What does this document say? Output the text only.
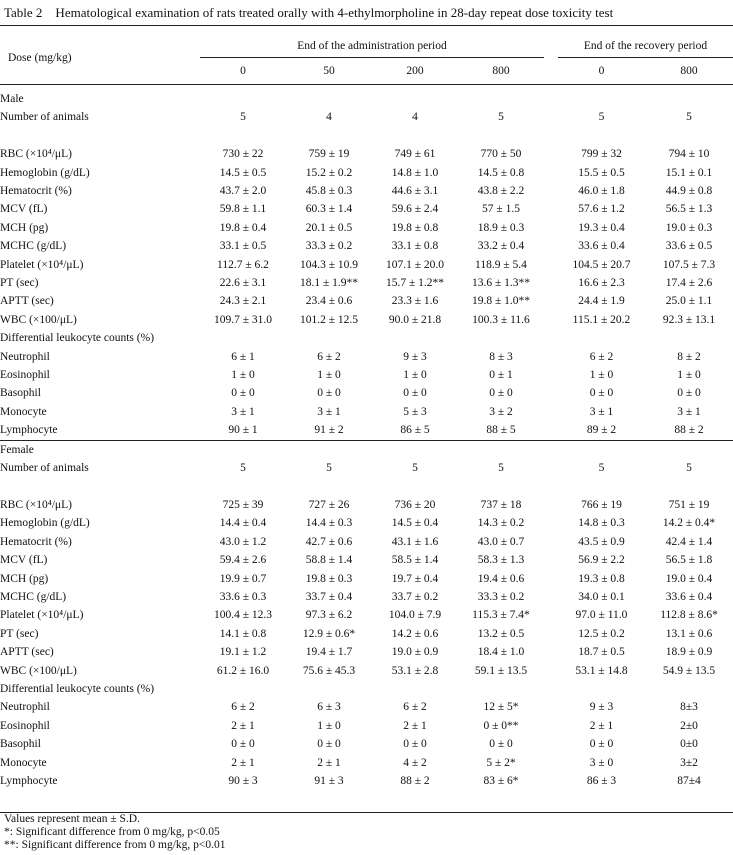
Table 2　Hematological examination of rats treated orally with 4-ethylmorpholine in 28-day repeat dose toxicity test
Dose (mg/kg)
End of the administration period	End of the recovery period
0	50	200	800	0	800
Male							
Number of animals	5	4	4	5		5	5

RBC (×10⁴/μL)	730 ± 22	759 ± 19	749 ± 61	770 ± 50		799 ± 32	794 ± 10
Hemoglobin (g/dL)	14.5 ± 0.5	15.2 ± 0.2	14.8 ± 1.0	14.5 ± 0.8		15.5 ± 0.5	15.1 ± 0.1
Hematocrit (%)	43.7 ± 2.0	45.8 ± 0.3	44.6 ± 3.1	43.8 ± 2.2		46.0 ± 1.8	44.9 ± 0.8
MCV (fL)	59.8 ± 1.1	60.3 ± 1.4	59.6 ± 2.4	57 ± 1.5		57.6 ± 1.2	56.5 ± 1.3
MCH (pg)	19.8 ± 0.4	20.1 ± 0.5	19.8 ± 0.8	18.9 ± 0.3		19.3 ± 0.4	19.0 ± 0.3
MCHC (g/dL)	33.1 ± 0.5	33.3 ± 0.2	33.1 ± 0.8	33.2 ± 0.4		33.6 ± 0.4	33.6 ± 0.5
Platelet (×10⁴/μL)	112.7 ± 6.2	104.3 ± 10.9	107.1 ± 20.0	118.9 ± 5.4		104.5 ± 20.7	107.5 ± 7.3
PT (sec)	22.6 ± 3.1	18.1 ± 1.9**	15.7 ± 1.2**	13.6 ± 1.3**		16.6 ± 2.3	17.4 ± 2.6
APTT (sec)	24.3 ± 2.1	23.4 ± 0.6	23.3 ± 1.6	19.8 ± 1.0**		24.4 ± 1.9	25.0 ± 1.1
WBC (×100/μL)	109.7 ± 31.0	101.2 ± 12.5	90.0 ± 21.8	100.3 ± 11.6		115.1 ± 20.2	92.3 ± 13.1
Differential leukocyte counts (%)							
Neutrophil	6 ± 1	6 ± 2	9 ± 3	8 ± 3		6 ± 2	8 ± 2
Eosinophil	1 ± 0	1 ± 0	1 ± 0	0 ± 1		1 ± 0	1 ± 0
Basophil	0 ± 0	0 ± 0	0 ± 0	0 ± 0		0 ± 0	0 ± 0
Monocyte	3 ± 1	3 ± 1	5 ± 3	3 ± 2		3 ± 1	3 ± 1
Lymphocyte	90 ± 1	91 ± 2	86 ± 5	88 ± 5		89 ± 2	88 ± 2
Female							
Number of animals	5	5	5	5		5	5

RBC (×10⁴/μL)	725 ± 39	727 ± 26	736 ± 20	737 ± 18		766 ± 19	751 ± 19
Hemoglobin (g/dL)	14.4 ± 0.4	14.4 ± 0.3	14.5 ± 0.4	14.3 ± 0.2		14.8 ± 0.3	14.2 ± 0.4*
Hematocrit (%)	43.0 ± 1.2	42.7 ± 0.6	43.1 ± 1.6	43.0 ± 0.7		43.5 ± 0.9	42.4 ± 1.4
MCV (fL)	59.4 ± 2.6	58.8 ± 1.4	58.5 ± 1.4	58.3 ± 1.3		56.9 ± 2.2	56.5 ± 1.8
MCH (pg)	19.9 ± 0.7	19.8 ± 0.3	19.7 ± 0.4	19.4 ± 0.6		19.3 ± 0.8	19.0 ± 0.4
MCHC (g/dL)	33.6 ± 0.3	33.7 ± 0.4	33.7 ± 0.2	33.3 ± 0.2		34.0 ± 0.1	33.6 ± 0.4
Platelet (×10⁴/μL)	100.4 ± 12.3	97.3 ± 6.2	104.0 ± 7.9	115.3 ± 7.4*		97.0 ± 11.0	112.8 ± 8.6*
PT (sec)	14.1 ± 0.8	12.9 ± 0.6*	14.2 ± 0.6	13.2 ± 0.5		12.5 ± 0.2	13.1 ± 0.6
APTT (sec)	19.1 ± 1.2	19.4 ± 1.7	19.0 ± 0.9	18.4 ± 1.0		18.7 ± 0.5	18.9 ± 0.9
WBC (×100/μL)	61.2 ± 16.0	75.6 ± 45.3	53.1 ± 2.8	59.1 ± 13.5		53.1 ± 14.8	54.9 ± 13.5
Differential leukocyte counts (%)							
Neutrophil	6 ± 2	6 ± 3	6 ± 2	12 ± 5*		9 ± 3	8±3
Eosinophil	2 ± 1	1 ± 0	2 ± 1	0 ± 0**		2 ± 1	2±0
Basophil	0 ± 0	0 ± 0	0 ± 0	0 ± 0		0 ± 0	0±0
Monocyte	2 ± 1	2 ± 1	4 ± 2	5 ± 2*		3 ± 0	3±2
Lymphocyte	90 ± 3	91 ± 3	88 ± 2	83 ± 6*		86 ± 3	87±4
Values represent mean ± S.D.
*: Significant difference from 0 mg/kg, p<0.05
**: Significant difference from 0 mg/kg, p<0.01
